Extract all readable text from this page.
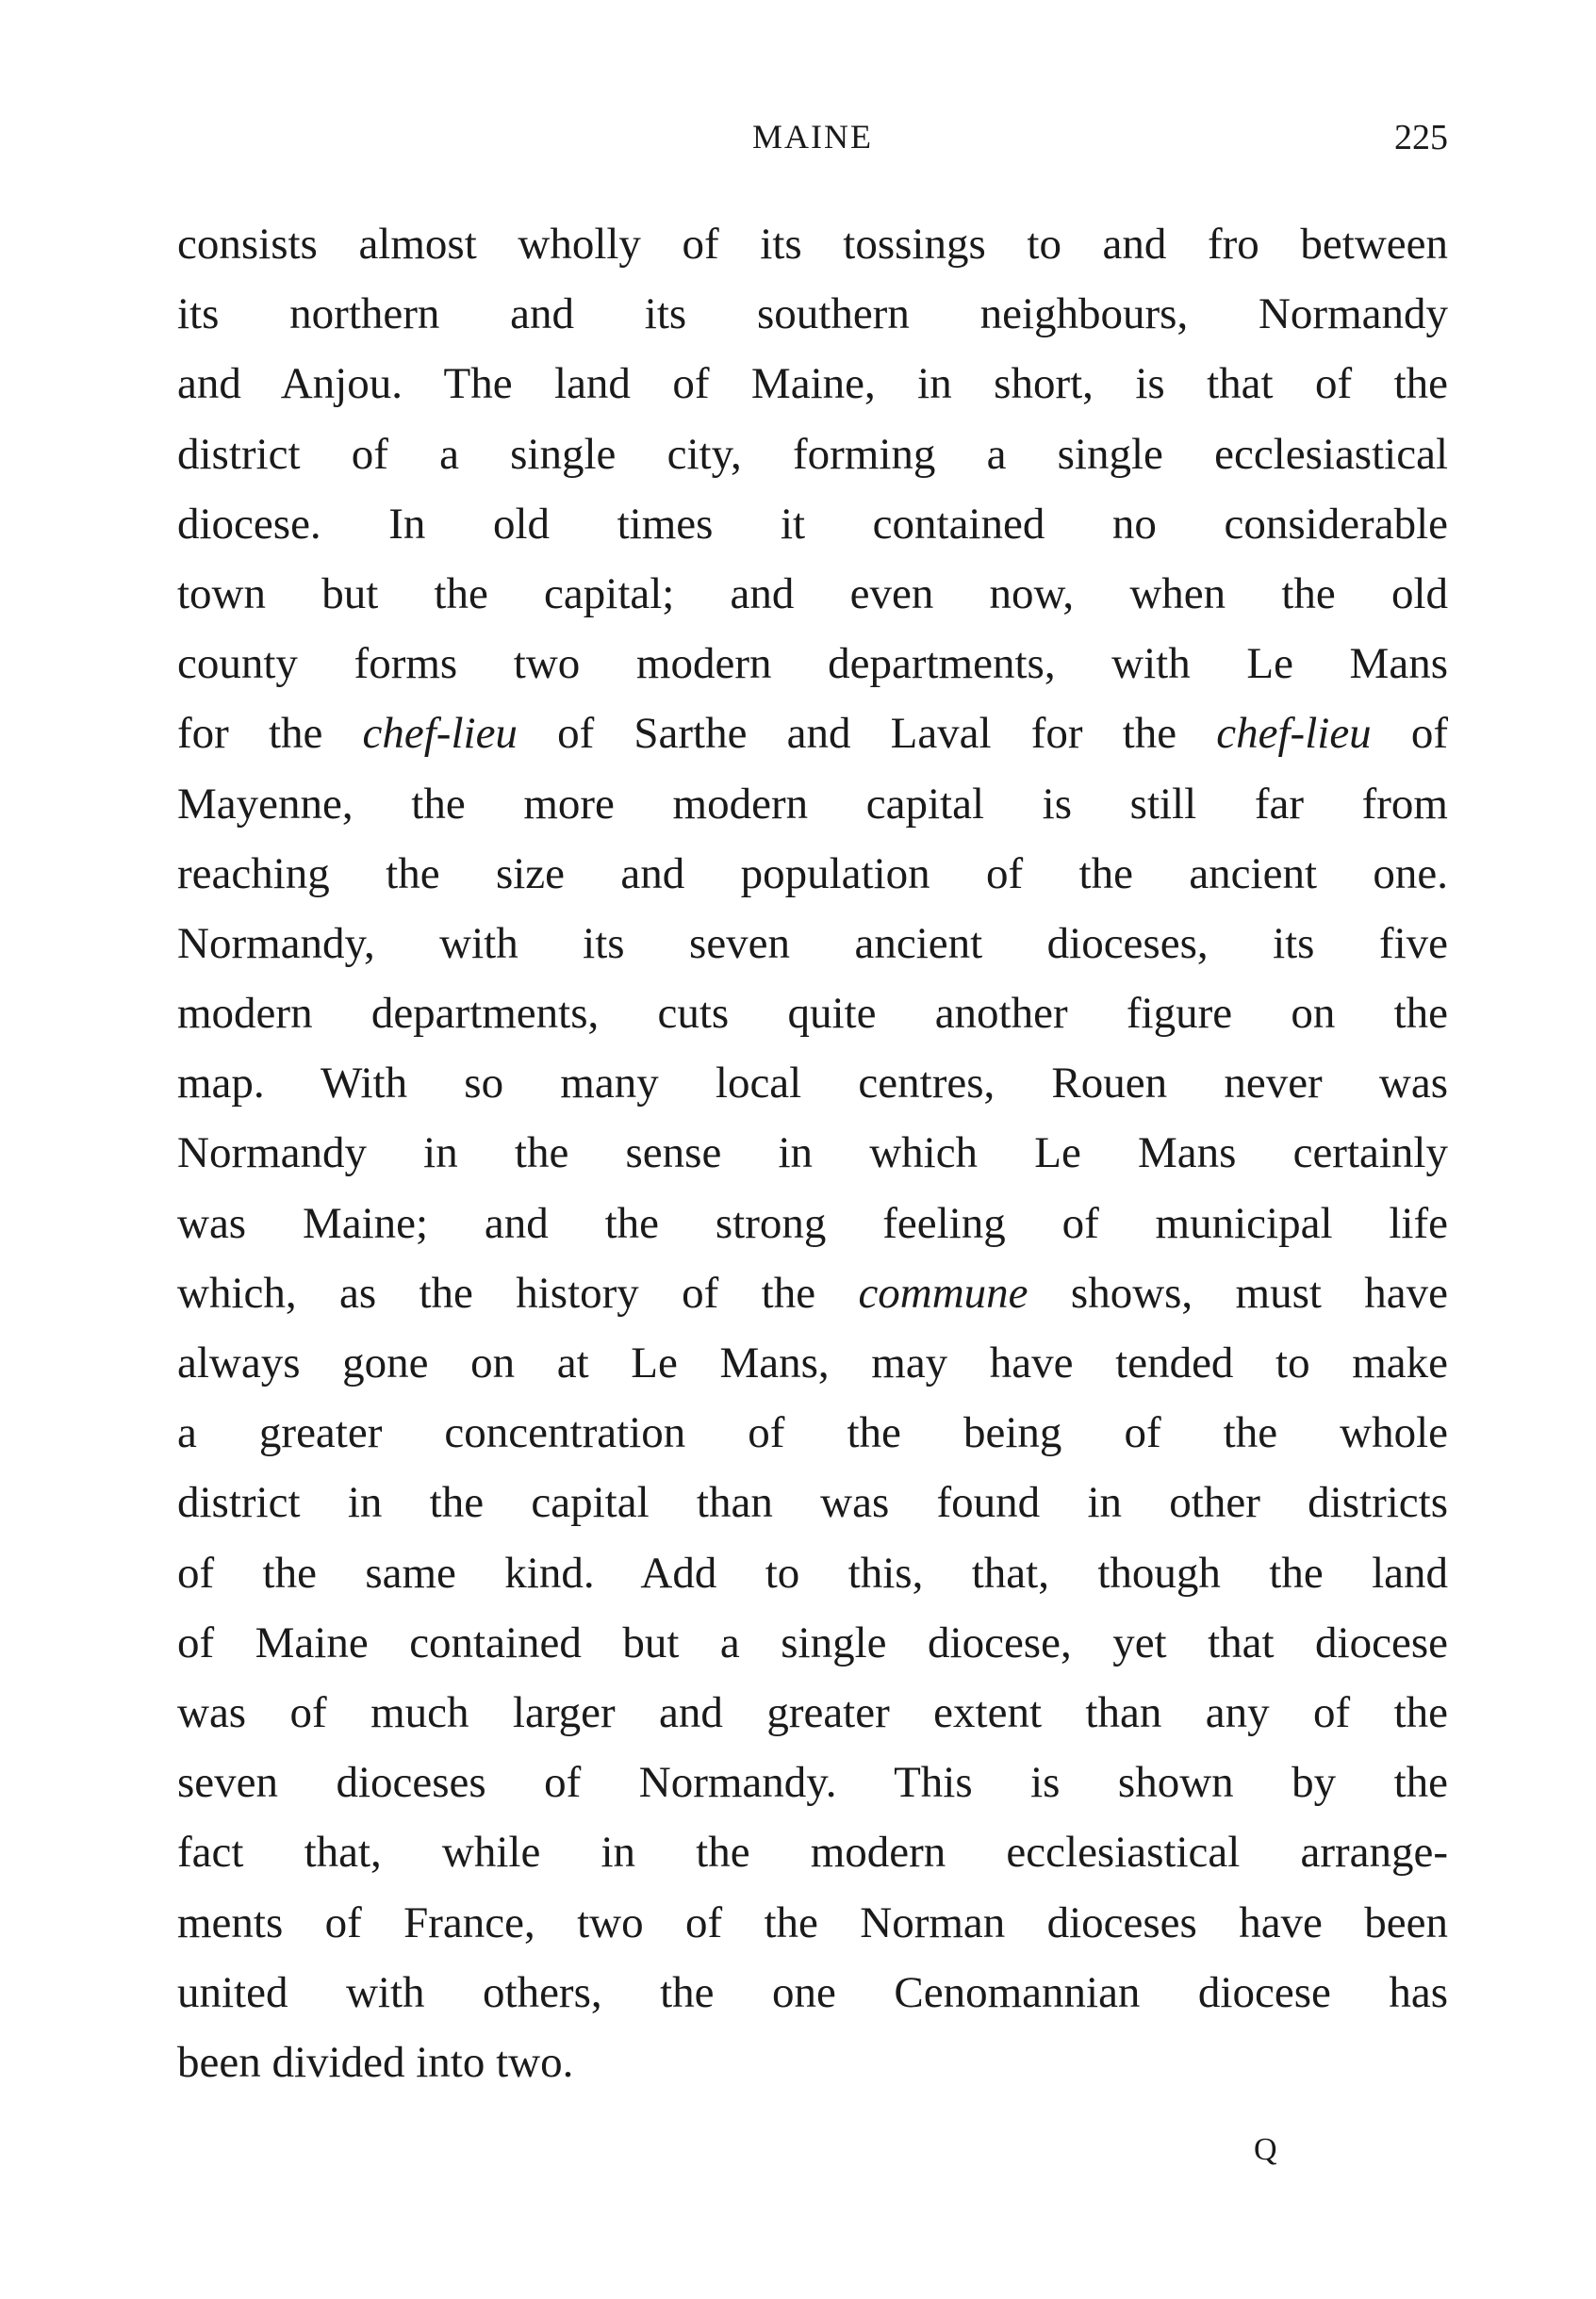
MAINE	225
consists almost wholly of its tossings to and fro between
its northern and its southern neighbours, Normandy
and Anjou. The land of Maine, in short, is that of the
district of a single city, forming a single ecclesiastical
diocese. In old times it contained no considerable
town but the capital; and even now, when the old
county forms two modern departments, with Le Mans
for the chef-lieu of Sarthe and Laval for the chef-lieu of
Mayenne, the more modern capital is still far from
reaching the size and population of the ancient one.
Normandy, with its seven ancient dioceses, its five
modern departments, cuts quite another figure on the
map. With so many local centres, Rouen never was
Normandy in the sense in which Le Mans certainly
was Maine; and the strong feeling of municipal life
which, as the history of the commune shows, must have
always gone on at Le Mans, may have tended to make
a greater concentration of the being of the whole
district in the capital than was found in other districts
of the same kind. Add to this, that, though the land
of Maine contained but a single diocese, yet that diocese
was of much larger and greater extent than any of the
seven dioceses of Normandy. This is shown by the
fact that, while in the modern ecclesiastical arrange-
ments of France, two of the Norman dioceses have been
united with others, the one Cenomannian diocese has
been divided into two.
Q
